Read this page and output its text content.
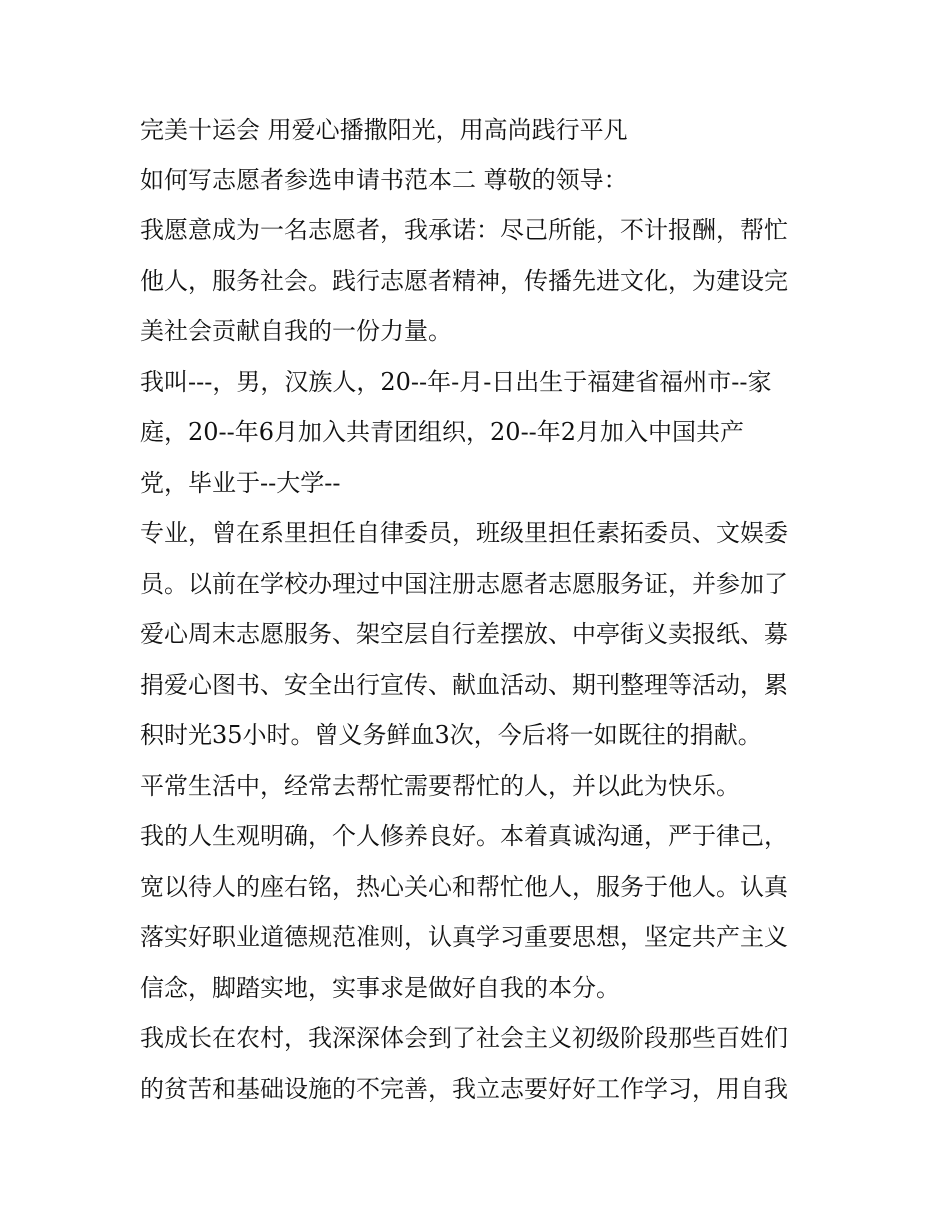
完美十运会 用爱心播撒阳光，用高尚践行平凡
如何写志愿者参选申请书范本二 尊敬的领导：
我愿意成为一名志愿者，我承诺：尽己所能，不计报酬，帮忙
他人，服务社会。践行志愿者精神，传播先进文化，为建设完
美社会贡献自我的一份力量。
我叫---，男，汉族人，20--年-月-日出生于福建省福州市--家
庭，20--年6月加入共青团组织，20--年2月加入中国共产
党，毕业于--大学--
专业，曾在系里担任自律委员，班级里担任素拓委员、文娱委
员。以前在学校办理过中国注册志愿者志愿服务证，并参加了
爱心周末志愿服务、架空层自行差摆放、中亭街义卖报纸、募
捐爱心图书、安全出行宣传、献血活动、期刊整理等活动，累
积时光35小时。曾义务鲜血3次，今后将一如既往的捐献。
平常生活中，经常去帮忙需要帮忙的人，并以此为快乐。
我的人生观明确，个人修养良好。本着真诚沟通，严于律己，
宽以待人的座右铭，热心关心和帮忙他人，服务于他人。认真
落实好职业道德规范准则，认真学习重要思想，坚定共产主义
信念，脚踏实地，实事求是做好自我的本分。
我成长在农村，我深深体会到了社会主义初级阶段那些百姓们
的贫苦和基础设施的不完善，我立志要好好工作学习，用自我
